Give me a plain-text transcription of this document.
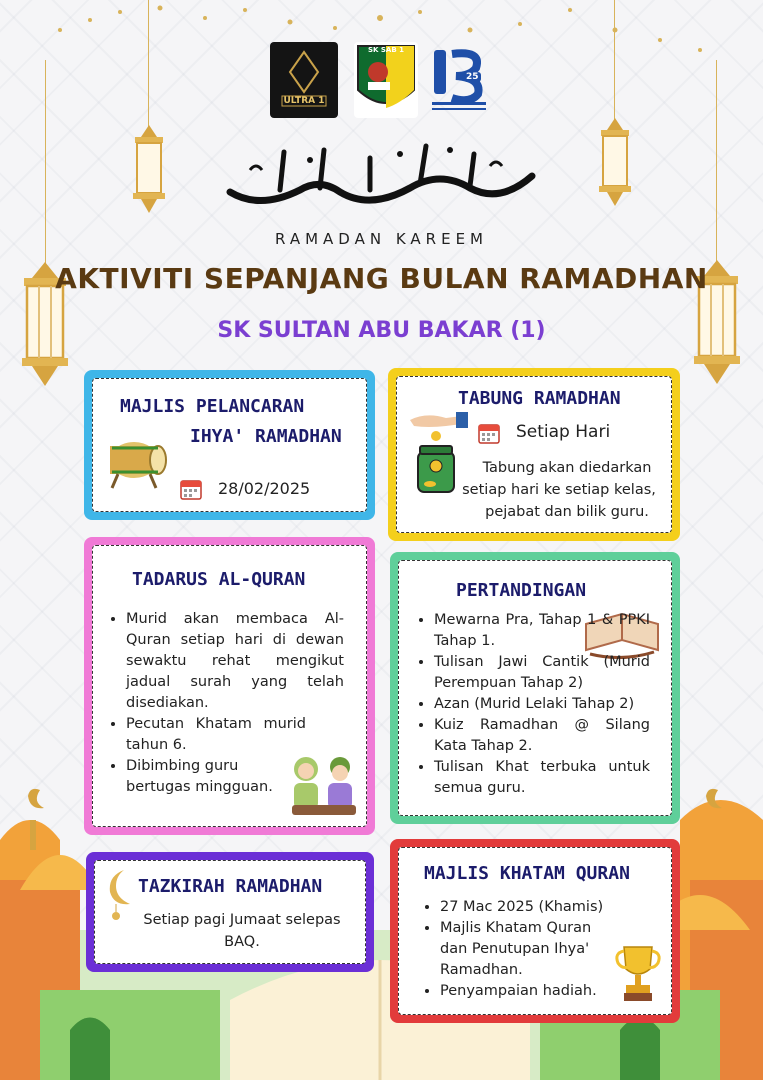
ULTRA 1
SK SAB 1
25
RAMADAN KAREEM
AKTIVITI SEPANJANG BULAN RAMADHAN
SK SULTAN ABU BAKAR (1)
MAJLIS PELANCARAN
IHYA' RAMADHAN
28/02/2025
TABUNG RAMADHAN
Setiap Hari
Tabung akan diedarkan
setiap hari ke setiap kelas,
pejabat dan bilik guru.
TADARUS AL-QURAN
• Murid akan membaca Al-Quran setiap hari di dewan sewaktu rehat mengikut jadual surah yang telah disediakan.
• Pecutan Khatam murid tahun 6.
• Dibimbing guru bertugas mingguan.
PERTANDINGAN
• Mewarna Pra, Tahap 1 & PPKI Tahap 1.
• Tulisan Jawi Cantik (Murid Perempuan Tahap 2)
• Azan (Murid Lelaki Tahap 2)
• Kuiz Ramadhan @ Silang Kata Tahap 2.
• Tulisan Khat terbuka untuk semua guru.
TAZKIRAH RAMADHAN
Setiap pagi Jumaat selepas
BAQ.
MAJLIS KHATAM QURAN
• 27 Mac 2025 (Khamis)
• Majlis Khatam Quran dan Penutupan Ihya' Ramadhan.
• Penyampaian hadiah.
